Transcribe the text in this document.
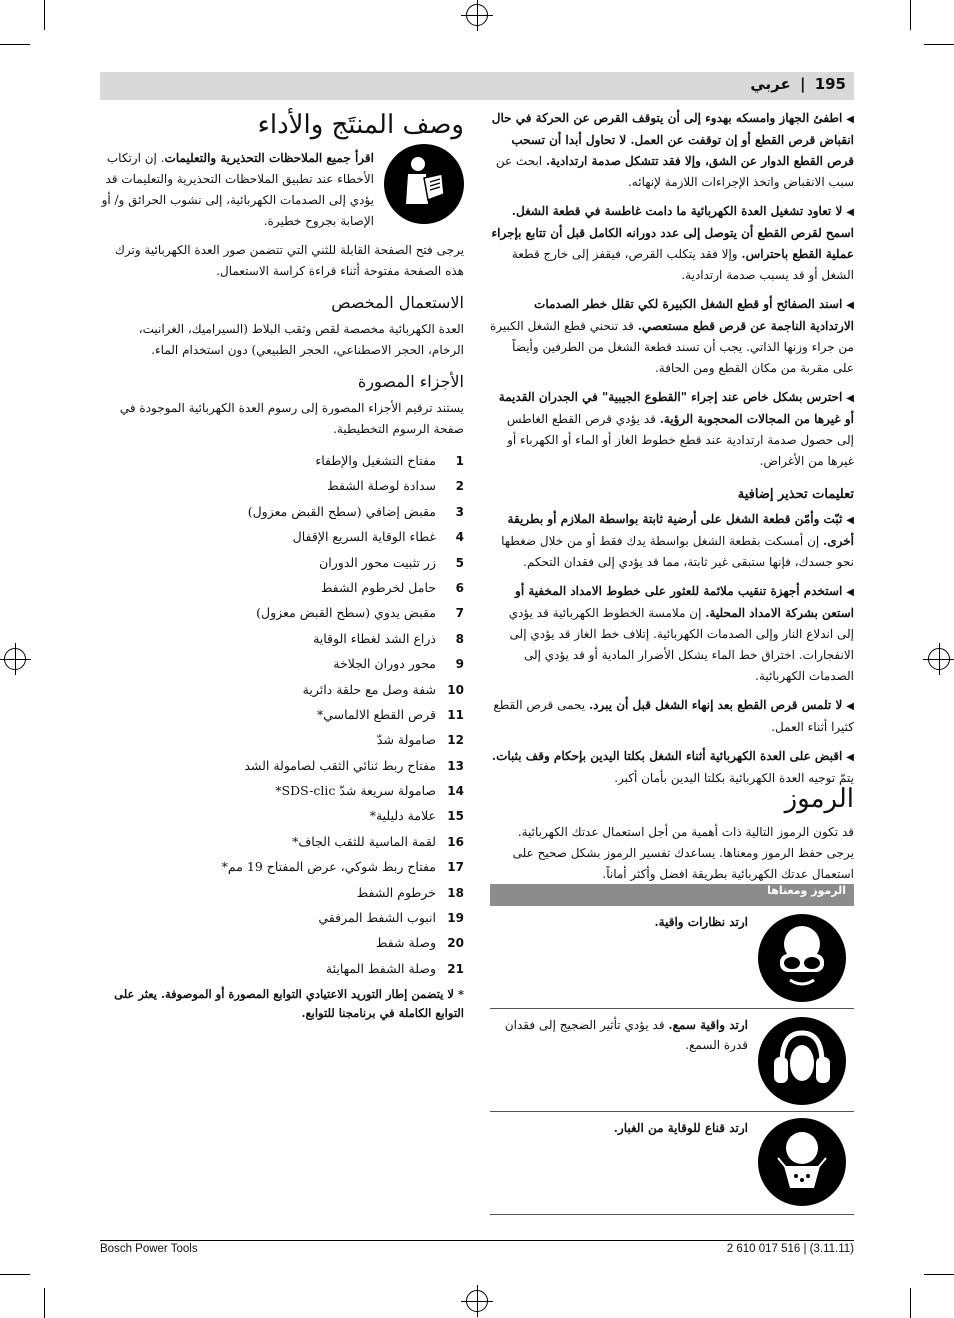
195 | عربي
وصف المنتَج والأداء

اقرأ جميع الملاحظات التحذيرية والتعليمات. إن ارتكاب الأخطاء عند تطبيق الملاحظات التحذيرية والتعليمات قد يؤدي إلى الصدمات الكهربائية، إلى نشوب الحرائق و/ أو الإصابة بجروح خطيرة.

يرجى فتح الصفحة القابلة للثني التي تتضمن صور العدة الكهربائية وترك هذه الصفحة مفتوحة أثناء قراءة كراسة الاستعمال.

الاستعمال المخصص

العدة الكهربائية مخصصة لقص وثقب البلاط (السيراميك، الغرانيت، الرخام، الحجر الاصطناعي، الحجر الطبيعي) دون استخدام الماء.

الأجزاء المصورة

يستند ترقيم الأجزاء المصورة إلى رسوم العدة الكهربائية الموجودة في صفحة الرسوم التخطيطية.

1مفتاح التشغيل والإطفاء
2سدادة لوصلة الشفط
3مقبض إضافي (سطح القبض معزول)
4غطاء الوقاية السريع الإقفال
5زر تثبيت محور الدوران
6حامل لخرطوم الشفط
7مقبض يدوي (سطح القبض معزول)
8ذراع الشد لغطاء الوقاية
9محور دوران الجلاخة
10شفة وصل مع حلقة دائرية
11قرص القطع الالماسي*
12صامولة شدّ
13مفتاح ربط ثنائي الثقب لصامولة الشد
14صامولة سريعة شدّ SDS-clic*
15علامة دليلية*
16لقمة الماسية للثقب الجاف*
17مفتاح ربط شوكي، عرض المفتاح 19 مم*
18خرطوم الشفط
19انبوب الشفط المرفقي
20وصلة شفط
21وصلة الشفط المهايئة

* لا يتضمن إطار التوريد الاعتيادي التوابع المصورة أو الموصوفة. يعثر على التوابع الكاملة في برنامجنا للتوابع.

◀اطفئ الجهاز وامسكه بهدوء إلى أن يتوقف القرص عن الحركة في حال انقباض قرص القطع أو إن توقفت عن العمل. لا تحاول أبدا أن تسحب قرص القطع الدوار عن الشق، وإلا فقد تتشكل صدمة ارتدادية. ابحث عن سبب الانقباض واتخذ الإجراءات اللازمة لإنهائه.

◀لا تعاود تشغيل العدة الكهربائية ما دامت غاطسة في قطعة الشغل. اسمح لقرص القطع أن يتوصل إلى عدد دورانه الكامل قبل أن تتابع بإجراء عملية القطع باحتراس. وإلا فقد يتكلب القرص، فيقفز إلى خارج قطعة الشغل أو قد يسبب صدمة ارتدادية.

◀اسند الصفائح أو قطع الشغل الكبيرة لكي تقلل خطر الصدمات الارتدادية الناجمة عن قرص قطع مستعصي. قد تنحني قطع الشغل الكبيرة من جراء وزنها الذاتي. يجب أن تسند قطعة الشغل من الطرفين وأيضاً على مقربة من مكان القطع ومن الحافة.

◀احترس بشكل خاص عند إجراء "القطوع الجيبية" في الجدران القديمة أو غيرها من المجالات المحجوبة الرؤية. قد يؤدي قرص القطع الغاطس إلى حصول صدمة ارتدادية عند قطع خطوط الغاز أو الماء أو الكهرباء أو غيرها من الأغراض.

تعليمات تحذير إضافية

◀ثبّت وأمّن قطعة الشغل على أرضية ثابتة بواسطة الملازم أو بطريقة أخرى. إن أمسكت بقطعة الشغل بواسطة يدك فقط أو من خلال ضغطها نحو جسدك، فإنها ستبقى غير ثابتة، مما قد يؤدي إلى فقدان التحكم.

◀استخدم أجهزة تنقيب ملائمة للعثور على خطوط الامداد المخفية أو استعن بشركة الامداد المحلية. إن ملامسة الخطوط الكهربائية قد يؤدي إلى اندلاع النار وإلى الصدمات الكهربائية. إتلاف خط الغاز قد يؤدي إلى الانفجارات. اختراق خط الماء يشكل الأضرار المادية أو قد يؤدي إلى الصدمات الكهربائية.

◀لا تلمس قرص القطع بعد إنهاء الشغل قبل أن يبرد. يحمى قرص القطع كثيرا أثناء العمل.

◀اقبض على العدة الكهربائية أثناء الشغل بكلتا اليدين بإحكام وقف بثبات. يتمّ توجيه العدة الكهربائية بكلتا اليدين بأمان أكبر.

الرموز

قد تكون الرموز التالية ذات أهمية من أجل استعمال عدتك الكهربائية. يرجى حفظ الرموز ومعناها. يساعدك تفسير الرموز بشكل صحيح على استعمال عدتك الكهربائية بطريقة افضل وأكثر أماناً.

الرموز ومعناها
ارتد نظارات واقية.
ارتد واقية سمع. قد يؤدي تأثير الضجيج إلى فقدان قدرة السمع.
ارتد قناع للوقاية من الغبار.
Bosch Power Tools	2 610 017 516 | (3.11.11)
